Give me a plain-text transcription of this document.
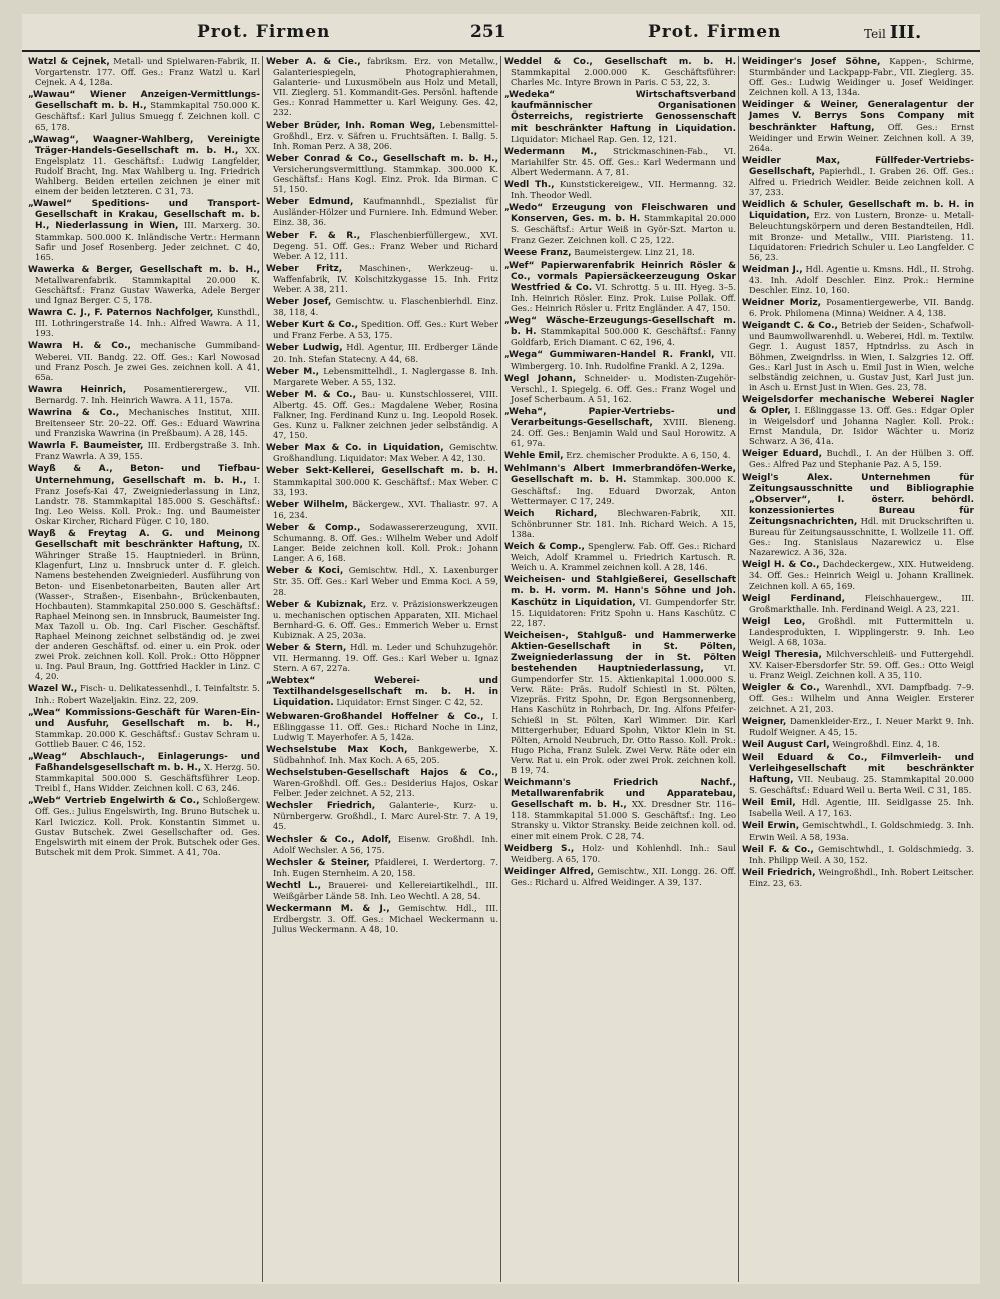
Prot. Firmen	251	Prot. Firmen	Teil III.
Watzl & Cejnek, Metall- und Spielwaren-Fabrik, II. Vorgartenstr. 177. Off. Ges.: Franz Watzl u. Karl Cejnek. A 4, 128a.
„Wawau“ Wiener Anzeigen-Vermittlungs-Gesellschaft m. b. H., Stammkapital 750.000 K. Geschäftsf.: Karl Julius Smuegg f. Zeichnen koll. C 65, 178.
„Wawag“, Waagner-Wahlberg, Vereinigte Träger-Handels-Gesellschaft m. b. H., XX. Engelsplatz 11. Geschäftsf.: Ludwig Langfelder, Rudolf Bracht, Ing. Max Wahlberg u. Ing. Friedrich Wahlberg. Beiden erteilen zeichnen je einer mit einem der beiden letzteren. C 31, 73.
„Wawel“ Speditions- und Transport-Gesellschaft in Krakau, Gesellschaft m. b. H., Niederlassung in Wien, III. Marxerg. 30. Stammkap. 500.000 K. Inländische Vertr.: Hermann Safir und Josef Rosenberg. Jeder zeichnet. C 40, 165.
Wawerka & Berger, Gesellschaft m. b. H., Metallwarenfabrik. Stammkapital 20.000 K. Geschäftsf.: Franz Gustav Wawerka, Adele Berger und Ignaz Berger. C 5, 178.
Wawra C. J., F. Paternos Nachfolger, Kunsthdl., III. Lothringerstraße 14. Inh.: Alfred Wawra. A 11, 193.
Wawra H. & Co., mechanische Gummiband-Weberei. VII. Bandg. 22. Off. Ges.: Karl Nowosad und Franz Posch. Je zwei Ges. zeichnen koll. A 41, 65a.
Wawra Heinrich, Posamentierergew., VII. Bernardg. 7. Inh. Heinrich Wawra. A 11, 157a.
Wawrina & Co., Mechanisches Institut, XIII. Breitenseer Str. 20–22. Off. Ges.: Eduard Wawrina und Franziska Wawrina (in Preßbaum). A 28, 145.
Wawrla F. Baumeister, III. Erdbergstraße 3. Inh. Franz Wawrla. A 39, 155.
Wayß & A., Beton- und Tiefbau-Unternehmung, Gesellschaft m. b. H., I. Franz Josefs-Kai 47, Zweigniederlassung in Linz, Landstr. 78. Stammkapital 185.000 S. Geschäftsf.: Ing. Leo Weiss. Koll. Prok.: Ing. und Baumeister Oskar Kircher, Richard Füger. C 10, 180.
Wayß & Freytag A. G. und Meinong Gesellschaft mit beschränkter Haftung, IX. Währinger Straße 15. Hauptniederl. in Brünn, Klagenfurt, Linz u. Innsbruck unter d. F. gleich. Namens bestehenden Zweigniederl. Ausführung von Beton- und Eisenbetonarbeiten, Bauten aller Art (Wasser-, Straßen-, Eisenbahn-, Brückenbauten, Hochbauten). Stammkapital 250.000 S. Geschäftsf.: Raphael Meinong sen. in Innsbruck, Baumeister Ing. Max Tazoll u. Ob. Ing. Carl Fischer. Geschäftsf. Raphael Meinong zeichnet selbständig od. je zwei der anderen Geschäftsf. od. einer u. ein Prok. oder zwei Prok. zeichnen koll. Koll. Prok.: Otto Höppner u. Ing. Paul Braun, Ing. Gottfried Hackler in Linz. C 4, 20.
Wazel W., Fisch- u. Delikatessenhdl., I. Teinfaltstr. 5. Inh.: Robert Wazeljakin. Einz. 22, 209.
„Wea“ Kommissions-Geschäft für Waren-Ein- und Ausfuhr, Gesellschaft m. b. H., Stammkap. 20.000 K. Geschäftsf.: Gustav Schram u. Gottlieb Bauer. C 46, 152.
„Weag“ Abschlauch-, Einlagerungs- und Faßhandelsgesellschaft m. b. H., X. Herzg. 50. Stammkapital 500.000 S. Geschäftsführer Leop. Treibl f., Hans Widder. Zeichnen koll. C 63, 246.
„Web“ Vertrieb Engelwirth & Co., Schloßergew. Off. Ges.: Julius Engelswirth, Ing. Bruno Butschek u. Karl Iwiczicz. Koll. Prok. Konstantin Simmet u. Gustav Butschek. Zwei Gesellschafter od. Ges. Engelswirth mit einem der Prok. Butschek oder Ges. Butschek mit dem Prok. Simmet. A 41, 70a.
Weber A. & Cie., fabriksm. Erz. von Metallw., Galanteriespiegeln, Photographierahmen, Galanterie- und Luxusmöbeln aus Holz und Metall, VII. Zieglerg. 51. Kommandit-Ges. Persönl. haftende Ges.: Konrad Hammetter u. Karl Weiguny. Ges. 42, 232.
Weber Brüder, Inh. Roman Weg, Lebensmittel-Großhdl., Erz. v. Säfren u. Fruchtsäften. I. Ballg. 5. Inh. Roman Perz. A 38, 206.
Weber Conrad & Co., Gesellschaft m. b. H., Versicherungsvermittlung. Stammkap. 300.000 K. Geschäftsf.: Hans Kogl. Einz. Prok. Ida Birman. C 51, 150.
Weber Edmund, Kaufmannhdl., Spezialist für Ausländer-Hölzer und Furniere. Inh. Edmund Weber. Einz. 38, 36.
Weber F. & R., Flaschenbierfüllergew., XVI. Degeng. 51. Off. Ges.: Franz Weber und Richard Weber. A 12, 111.
Weber Fritz, Maschinen-, Werkzeug- u. Waffenfabrik, IV. Kolschitzkygasse 15. Inh. Fritz Weber. A 38, 211.
Weber Josef, Gemischtw. u. Flaschenbierhdl. Einz. 38, 118, 4.
Weber Kurt & Co., Spedition. Off. Ges.: Kurt Weber und Franz Ferbe. A 53, 175.
Weber Ludwig, Hdl. Agentur, III. Erdberger Lände 20. Inh. Stefan Statecny. A 44, 68.
Weber M., Lebensmittelhdl., I. Naglergasse 8. Inh. Margarete Weber. A 55, 132.
Weber M. & Co., Bau- u. Kunstschlosserei, VIII. Albertg. 45. Off. Ges.: Magdalene Weber, Rosina Falkner, Ing. Ferdinand Kunz u. Ing. Leopold Rosek. Ges. Kunz u. Falkner zeichnen jeder selbständig. A 47, 150.
Weber Max & Co. in Liquidation, Gemischtw. Großhandlung. Liquidator: Max Weber. A 42, 130.
Weber Sekt-Kellerei, Gesellschaft m. b. H. Stammkapital 300.000 K. Geschäftsf.: Max Weber. C 33, 193.
Weber Wilhelm, Bäckergew., XVI. Thaliastr. 97. A 16, 234.
Weber & Comp., Sodawassererzeugung, XVII. Schumanng. 8. Off. Ges.: Wilhelm Weber und Adolf Langer. Beide zeichnen koll. Koll. Prok.: Johann Langer. A 6, 168.
Weber & Koci, Gemischtw. Hdl., X. Laxenburger Str. 35. Off. Ges.: Karl Weber und Emma Koci. A 59, 28.
Weber & Kubiznak, Erz. v. Präzisionswerkzeugen u. mechanischen optischen Apparaten, XII. Michael Bernhard-G. 6. Off. Ges.: Emmerich Weber u. Ernst Kubiznak. A 25, 203a.
Weber & Stern, Hdl. m. Leder und Schuhzugehör. VII. Hermanng. 19. Off. Ges.: Karl Weber u. Ignaz Stern. A 67, 227a.
„Webtex“ Weberei- und Textilhandelsgesellschaft m. b. H. in Liquidation. Liquidator: Ernst Singer. C 42, 52.
Webwaren-Großhandel Hoffelner & Co., I. Eßlinggasse 11. Off. Ges.: Richard Noche in Linz, Ludwig T. Mayerhofer. A 5, 142a.
Wechselstube Max Koch, Bankgewerbe, X. Südbahnhof. Inh. Max Koch. A 65, 205.
Wechselstuben-Gesellschaft Hajos & Co., Waren-Großhdl. Off. Ges.: Desiderius Hajos, Oskar Felber. Jeder zeichnet. A 52, 213.
Wechsler Friedrich, Galanterie-, Kurz- u. Nürnbergerw. Großhdl., I. Marc Aurel-Str. 7. A 19, 45.
Wechsler & Co., Adolf, Eisenw. Großhdl. Inh. Adolf Wechsler. A 56, 175.
Wechsler & Steiner, Pfaidlerei, I. Werdertorg. 7. Inh. Eugen Sternheim. A 20, 158.
Wechtl L., Brauerei- und Kellereiartikelhdl., III. Weißgärber Lände 58. Inh. Leo Wechtl. A 28, 54.
Weckermann M. & J., Gemischtw. Hdl., III. Erdbergstr. 3. Off. Ges.: Michael Weckermann u. Julius Weckermann. A 48, 10.
Weddel & Co., Gesellschaft m. b. H. Stammkapital 2.000.000 K. Geschäftsführer: Charles Mc. Intyre Brown in Paris. C 53, 22, 3.
„Wedeka“ Wirtschaftsverband kaufmännischer Organisationen Österreichs, registrierte Genossenschaft mit beschränkter Haftung in Liquidation. Liquidator: Michael Rap. Gen. 12, 121.
Wedermann M., Strickmaschinen-Fab., VI. Mariahilfer Str. 45. Off. Ges.: Karl Wedermann und Albert Wedermann. A 7, 81.
Wedl Th., Kunststickereigew., VII. Hermanng. 32. Inh. Theodor Wedl.
„Wedo“ Erzeugung von Fleischwaren und Konserven, Ges. m. b. H. Stammkapital 20.000 S. Geschäftsf.: Artur Weiß in Györ-Szt. Marton u. Franz Gezer. Zeichnen koll. C 25, 122.
Weese Franz, Baumeistergew. Linz 21, 18.
„Wef“ Papierwarenfabrik Heinrich Rösler & Co., vormals Papiersäckeerzeugung Oskar Westfried & Co. VI. Schrottg. 5 u. III. Hyeg. 3–5. Inh. Heinrich Rösler. Einz. Prok. Luise Pollak. Off. Ges.: Heinrich Rösler u. Fritz Engländer. A 47, 150.
„Weg“ Wäsche-Erzeugungs-Gesellschaft m. b. H. Stammkapital 500.000 K. Geschäftsf.: Fanny Goldfarb, Erich Diamant. C 62, 196, 4.
„Wega“ Gummiwaren-Handel R. Frankl, VII. Wimbergerg. 10. Inh. Rudolfine Frankl. A 2, 129a.
Wegl Johann, Schneider- u. Modisten-Zugehör-Verschl., I. Spiegelg. 6. Off. Ges.: Franz Wogel und Josef Scherbaum. A 51, 162.
„Weha“, Papier-Vertriebs- und Verarbeitungs-Gesellschaft, XVIII. Bleneng. 24. Off. Ges.: Benjamin Wald und Saul Horowitz. A 61, 97a.
Wehle Emil, Erz. chemischer Produkte. A 6, 150, 4.
Wehlmann's Albert Immerbrandöfen-Werke, Gesellschaft m. b. H. Stammkap. 300.000 K. Geschäftsf.: Ing. Eduard Dworzak, Anton Wettermayer. C 17, 249.
Weich Richard, Blechwaren-Fabrik, XII. Schönbrunner Str. 181. Inh. Richard Weich. A 15, 138a.
Weich & Comp., Spenglerw. Fab. Off. Ges.: Richard Weich, Adolf Krammel u. Friedrich Kartusch. R. Weich u. A. Krammel zeichnen koll. A 28, 146.
Weicheisen- und Stahlgießerei, Gesellschaft m. b. H. vorm. M. Hann's Söhne und Joh. Kaschütz in Liquidation, VI. Gumpendorfer Str. 15. Liquidatoren: Fritz Spohn u. Hans Kaschütz. C 22, 187.
Weicheisen-, Stahlguß- und Hammerwerke Aktien-Gesellschaft in St. Pölten, Zweigniederlassung der in St. Pölten bestehenden Hauptniederlassung, VI. Gumpendorfer Str. 15. Aktienkapital 1.000.000 S. Verw. Räte: Präs. Rudolf Schiestl in St. Pölten, Vizepräs. Fritz Spohn, Dr. Egon Bergsonnenberg, Hans Kaschütz in Rohrbach, Dr. Ing. Alfons Pfeifer-Schießl in St. Pölten, Karl Wimmer. Dir. Karl Mittergerhuber, Eduard Spohn, Viktor Klein in St. Pölten, Arnold Neubruch, Dr. Otto Rasso. Koll. Prok.: Hugo Picha, Franz Sulek. Zwei Verw. Räte oder ein Verw. Rat u. ein Prok. oder zwei Prok. zeichnen koll. B 19, 74.
Weichmann's Friedrich Nachf., Metallwarenfabrik und Apparatebau, Gesellschaft m. b. H., XX. Dresdner Str. 116–118. Stammkapital 51.000 S. Geschäftsf.: Ing. Leo Stransky u. Viktor Stransky. Beide zeichnen koll. od. einer mit einem Prok. C 28, 74.
Weidberg S., Holz- und Kohlenhdl. Inh.: Saul Weidberg. A 65, 170.
Weidinger Alfred, Gemischtw., XII. Longg. 26. Off. Ges.: Richard u. Alfred Weidinger. A 39, 137.
Weidinger's Josef Söhne, Kappen-, Schirme, Sturmbänder und Lackpapp-Fabr., VII. Zieglerg. 35. Off. Ges.: Ludwig Weidinger u. Josef Weidinger. Zeichnen koll. A 13, 134a.
Weidinger & Weiner, Generalagentur der James V. Berrys Sons Company mit beschränkter Haftung, Off. Ges.: Ernst Weidinger und Erwin Weiner. Zeichnen koll. A 39, 264a.
Weidler Max, Füllfeder-Vertriebs-Gesellschaft, Papierhdl., I. Graben 26. Off. Ges.: Alfred u. Friedrich Weidler. Beide zeichnen koll. A 37, 233.
Weidlich & Schuler, Gesellschaft m. b. H. in Liquidation, Erz. von Lustern, Bronze- u. Metall-Beleuchtungskörpern und deren Bestandteilen, Hdl. mit Bronze- und Metallw., VIII. Piaristeng. 11. Liquidatoren: Friedrich Schuler u. Leo Langfelder. C 56, 23.
Weidman J., Hdl. Agentie u. Kmsns. Hdl., II. Strohg. 43. Inh. Adolf Deschler. Einz. Prok.: Hermine Deschler. Einz. 10, 160.
Weidner Moriz, Posamentiergewerbe, VII. Bandg. 6. Prok. Philomena (Minna) Weidner. A 4, 138.
Weigandt C. & Co., Betrieb der Seiden-, Schafwoll- und Baumwollwarenhdl. u. Weberei, Hdl. m. Textilw. Gegr. 1. August 1857, Hptndrlss. zu Asch in Böhmen, Zweigndrlss. in Wien, I. Salzgries 12. Off. Ges.: Karl Just in Asch u. Emil Just in Wien, welche selbständig zeichnen, u. Gustav Just, Karl Just jun. in Asch u. Ernst Just in Wien. Ges. 23, 78.
Weigelsdorfer mechanische Weberei Nagler & Opler, I. Eßlinggasse 13. Off. Ges.: Edgar Opler in Weigelsdorf und Johanna Nagler. Koll. Prok.: Ernst Mandula, Dr. Isidor Wächter u. Moriz Schwarz. A 36, 41a.
Weiger Eduard, Buchdl., I. An der Hülben 3. Off. Ges.: Alfred Paz und Stephanie Paz. A 5, 159.
Weigl's Alex. Unternehmen für Zeitungsausschnitte und Bibliographie „Observer“, I. österr. behördl. konzessioniertes Bureau für Zeitungsnachrichten, Hdl. mit Druckschriften u. Bureau für Zeitungsausschnitte, I. Wollzeile 11. Off. Ges.: Ing. Stanislaus Nazarewicz u. Else Nazarewicz. A 36, 32a.
Weigl H. & Co., Dachdeckergew., XIX. Hutweideng. 34. Off. Ges.: Heinrich Weigl u. Johann Krallinek. Zeichnen koll. A 65, 169.
Weigl Ferdinand, Fleischhauergew., III. Großmarkthalle. Inh. Ferdinand Weigl. A 23, 221.
Weigl Leo, Großhdl. mit Futtermitteln u. Landesprodukten, I. Wipplingerstr. 9. Inh. Leo Weigl. A 68, 103a.
Weigl Theresia, Milchverschleiß- und Futtergehdl. XV. Kaiser-Ebersdorfer Str. 59. Off. Ges.: Otto Weigl u. Franz Weigl. Zeichnen koll. A 35, 110.
Weigler & Co., Warenhdl., XVI. Dampfbadg. 7–9. Off. Ges.: Wilhelm und Anna Weigler. Ersterer zeichnet. A 21, 203.
Weigner, Damenkleider-Erz., I. Neuer Markt 9. Inh. Rudolf Weigner. A 45, 15.
Weil August Carl, Weingroßhdl. Einz. 4, 18.
Weil Eduard & Co., Filmverleih- und Verleihgesellschaft mit beschränkter Haftung, VII. Neubaug. 25. Stammkapital 20.000 S. Geschäftsf.: Eduard Weil u. Berta Weil. C 31, 185.
Weil Emil, Hdl. Agentie, III. Seidlgasse 25. Inh. Isabella Weil. A 17, 163.
Weil Erwin, Gemischtwhdl., I. Goldschmiedg. 3. Inh. Erwin Weil. A 58, 193a.
Weil F. & Co., Gemischtwhdl., I. Goldschmiedg. 3. Inh. Philipp Weil. A 30, 152.
Weil Friedrich, Weingroßhdl., Inh. Robert Leitscher. Einz. 23, 63.
